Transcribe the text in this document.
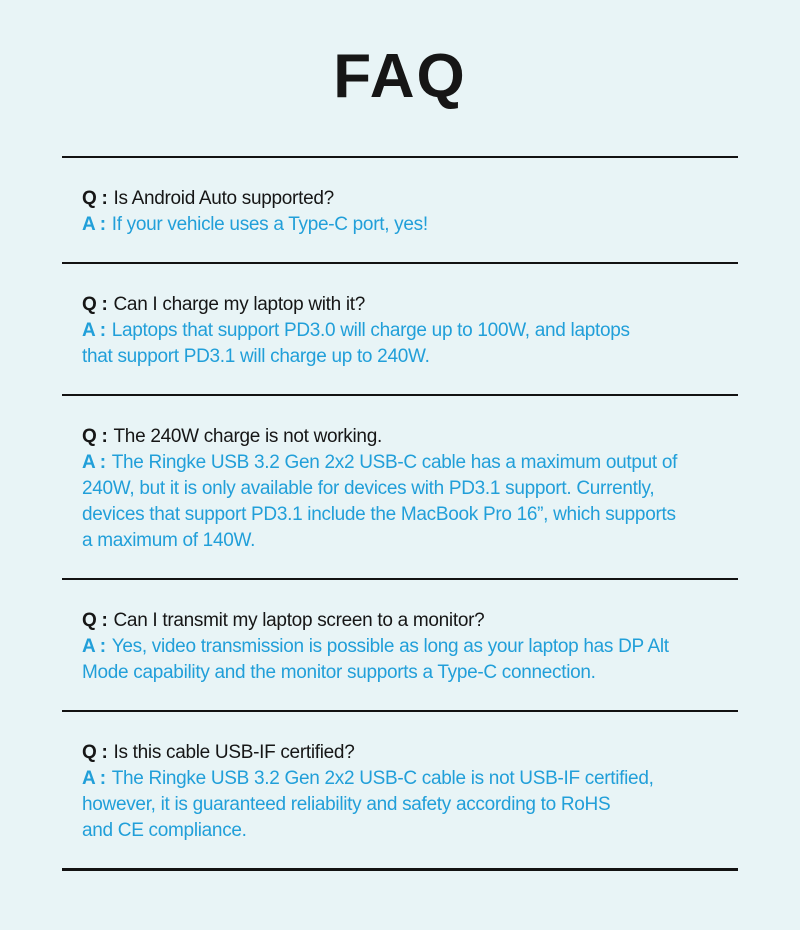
FAQ
Q : Is Android Auto supported?
A : If your vehicle uses a Type-C port, yes!
Q : Can I charge my laptop with it?
A : Laptops that support PD3.0 will charge up to 100W, and laptops
that support PD3.1 will charge up to 240W.
Q : The 240W charge is not working.
A : The Ringke USB 3.2 Gen 2x2 USB-C cable has a maximum output of
240W, but it is only available for devices with PD3.1 support. Currently,
devices that support PD3.1 include the MacBook Pro 16”, which supports
a maximum of 140W.
Q : Can I transmit my laptop screen to a monitor?
A : Yes, video transmission is possible as long as your laptop has DP Alt
Mode capability and the monitor supports a Type-C connection.
Q : Is this cable USB-IF certified?
A : The Ringke USB 3.2 Gen 2x2 USB-C cable is not USB-IF certified,
however, it is guaranteed reliability and safety according to RoHS
and CE compliance.
